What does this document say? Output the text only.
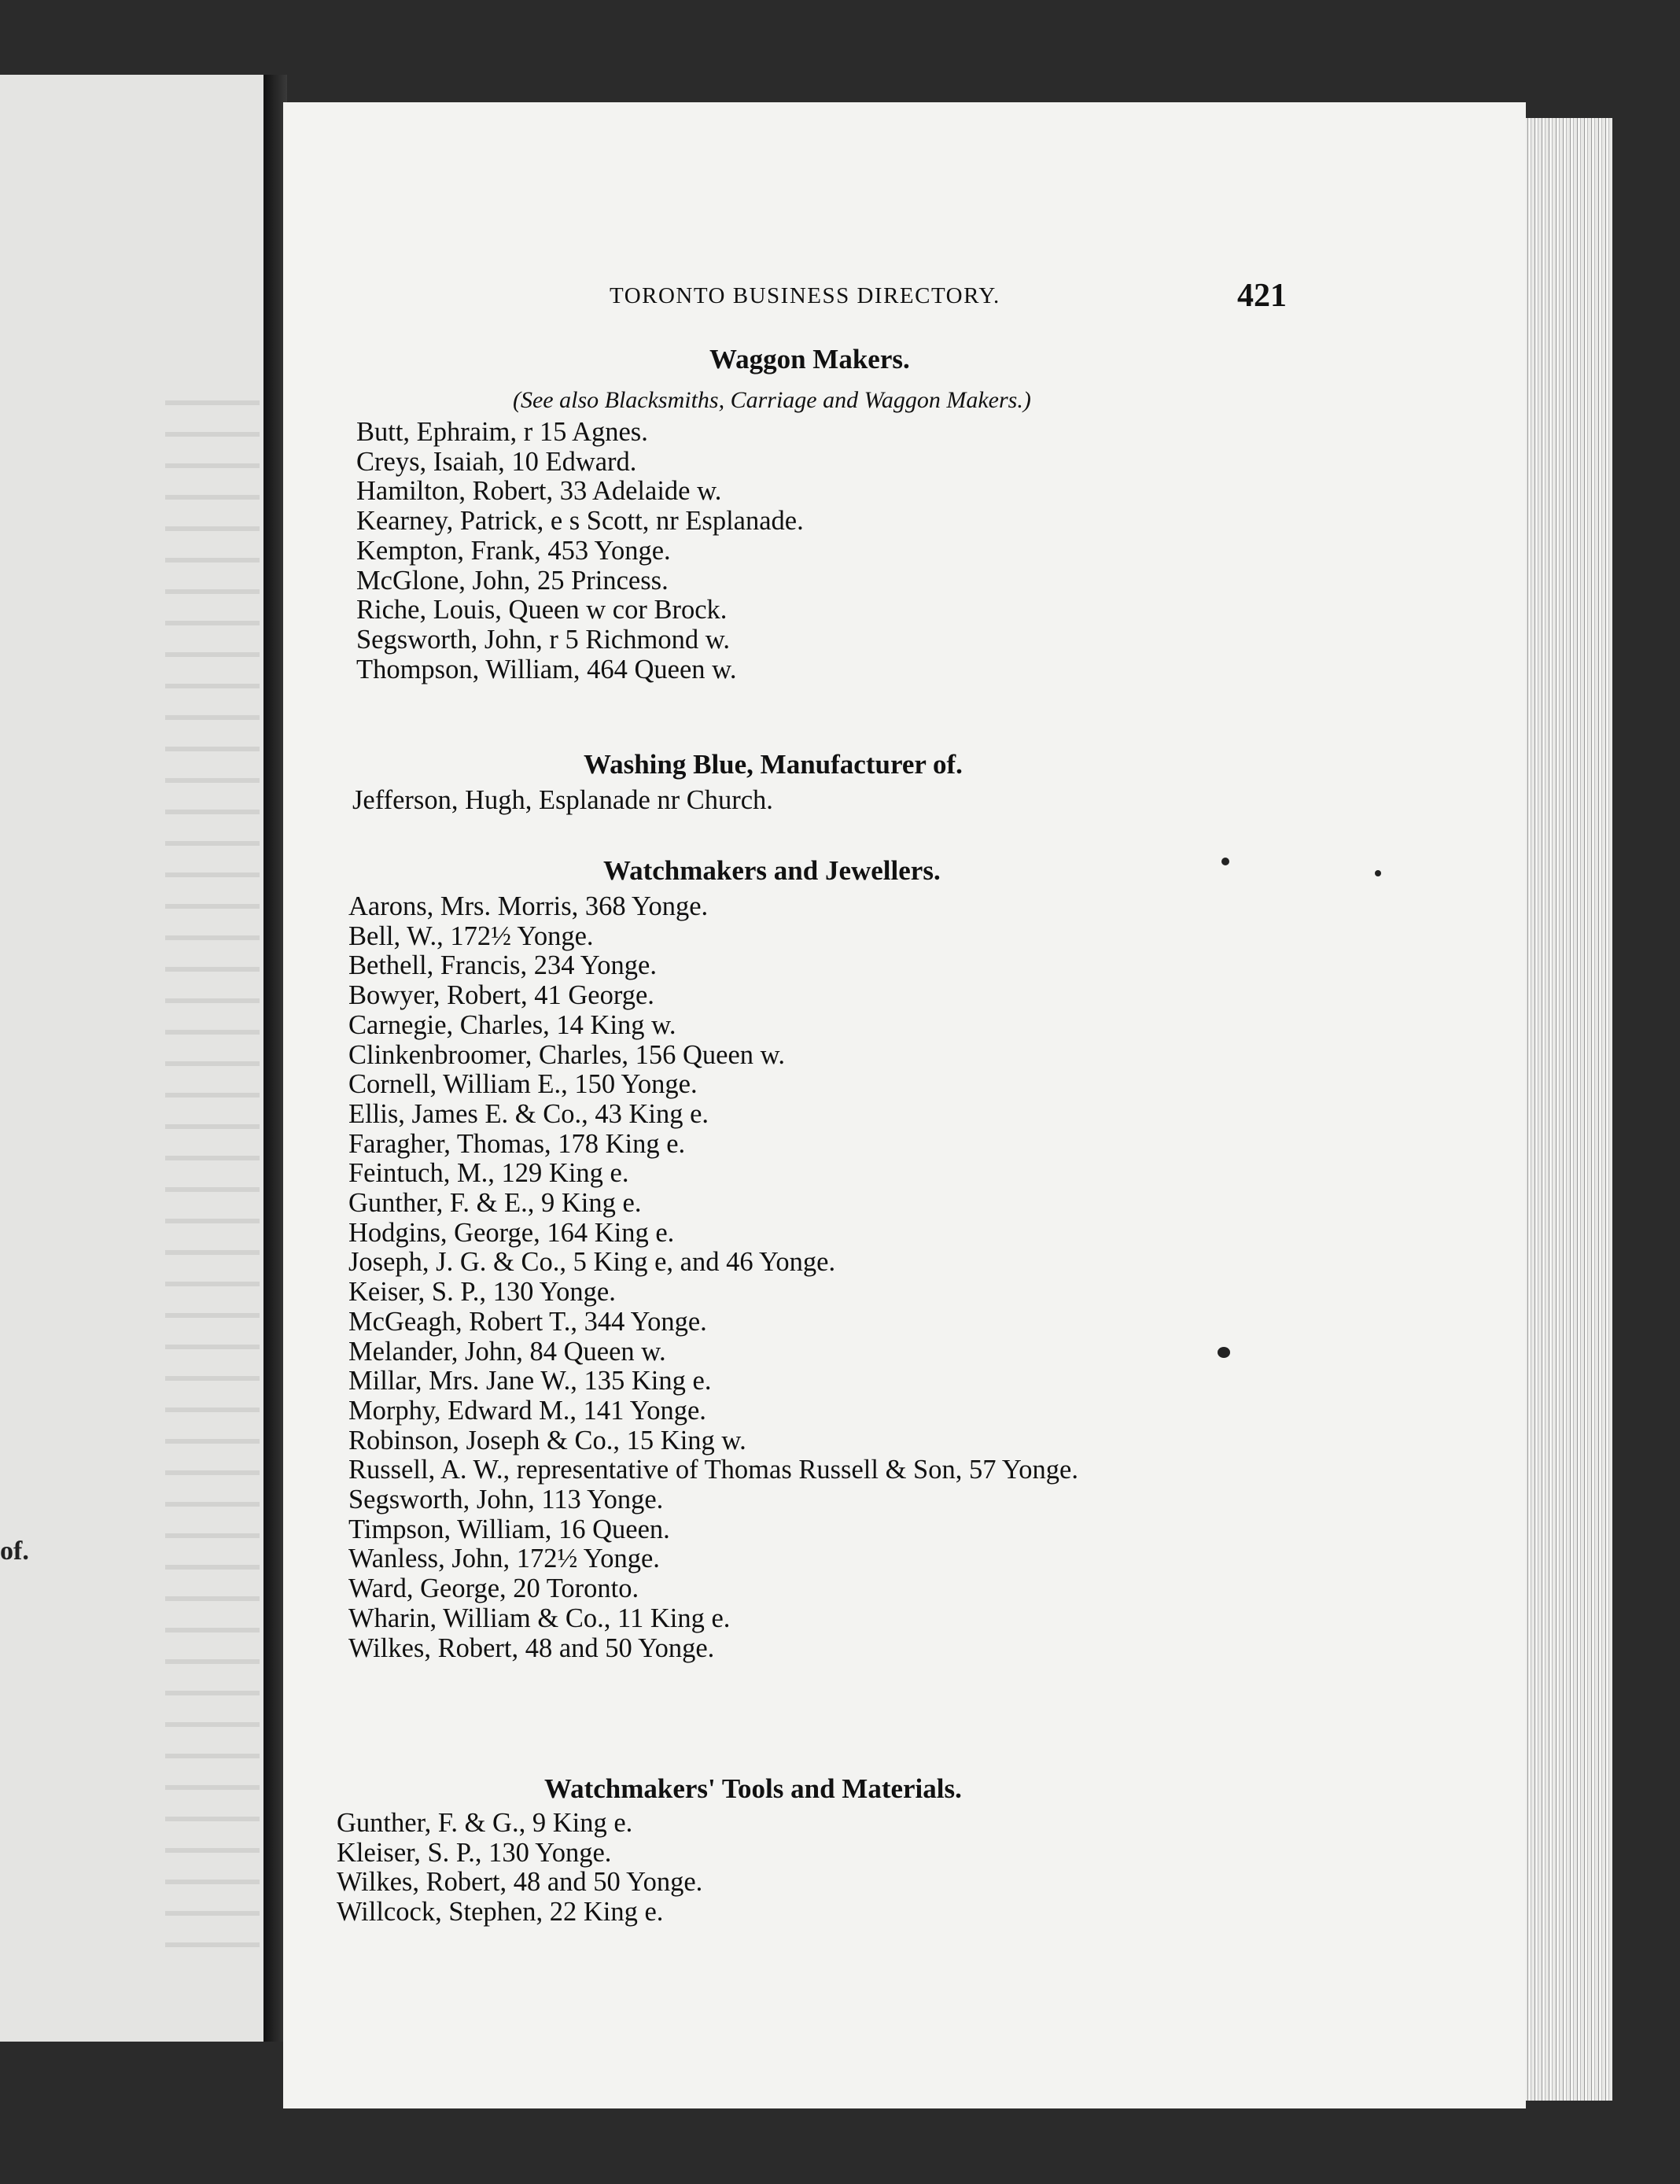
of.
TORONTO BUSINESS DIRECTORY.	421
Waggon Makers.

(See also Blacksmiths, Carriage and Waggon Makers.)

Butt, Ephraim, r 15 Agnes.
Creys, Isaiah, 10 Edward.
Hamilton, Robert, 33 Adelaide w.
Kearney, Patrick, e s Scott, nr Esplanade.
Kempton, Frank, 453 Yonge.
McGlone, John, 25 Princess.
Riche, Louis, Queen w cor Brock.
Segsworth, John, r 5 Richmond w.
Thompson, William, 464 Queen w.
Washing Blue, Manufacturer of.
Jefferson, Hugh, Esplanade nr Church.
Watchmakers and Jewellers.
Aarons, Mrs. Morris, 368 Yonge.
Bell, W., 172½ Yonge.
Bethell, Francis, 234 Yonge.
Bowyer, Robert, 41 George.
Carnegie, Charles, 14 King w.
Clinkenbroomer, Charles, 156 Queen w.
Cornell, William E., 150 Yonge.
Ellis, James E. & Co., 43 King e.
Faragher, Thomas, 178 King e.
Feintuch, M., 129 King e.
Gunther, F. & E., 9 King e.
Hodgins, George, 164 King e.
Joseph, J. G. & Co., 5 King e, and 46 Yonge.
Keiser, S. P., 130 Yonge.
McGeagh, Robert T., 344 Yonge.
Melander, John, 84 Queen w.
Millar, Mrs. Jane W., 135 King e.
Morphy, Edward M., 141 Yonge.
Robinson, Joseph & Co., 15 King w.
Russell, A. W., representative of Thomas Russell & Son, 57 Yonge.
Segsworth, John, 113 Yonge.
Timpson, William, 16 Queen.
Wanless, John, 172½ Yonge.
Ward, George, 20 Toronto.
Wharin, William & Co., 11 King e.
Wilkes, Robert, 48 and 50 Yonge.
Watchmakers' Tools and Materials.
Gunther, F. & G., 9 King e.
Kleiser, S. P., 130 Yonge.
Wilkes, Robert, 48 and 50 Yonge.
Willcock, Stephen, 22 King e.
